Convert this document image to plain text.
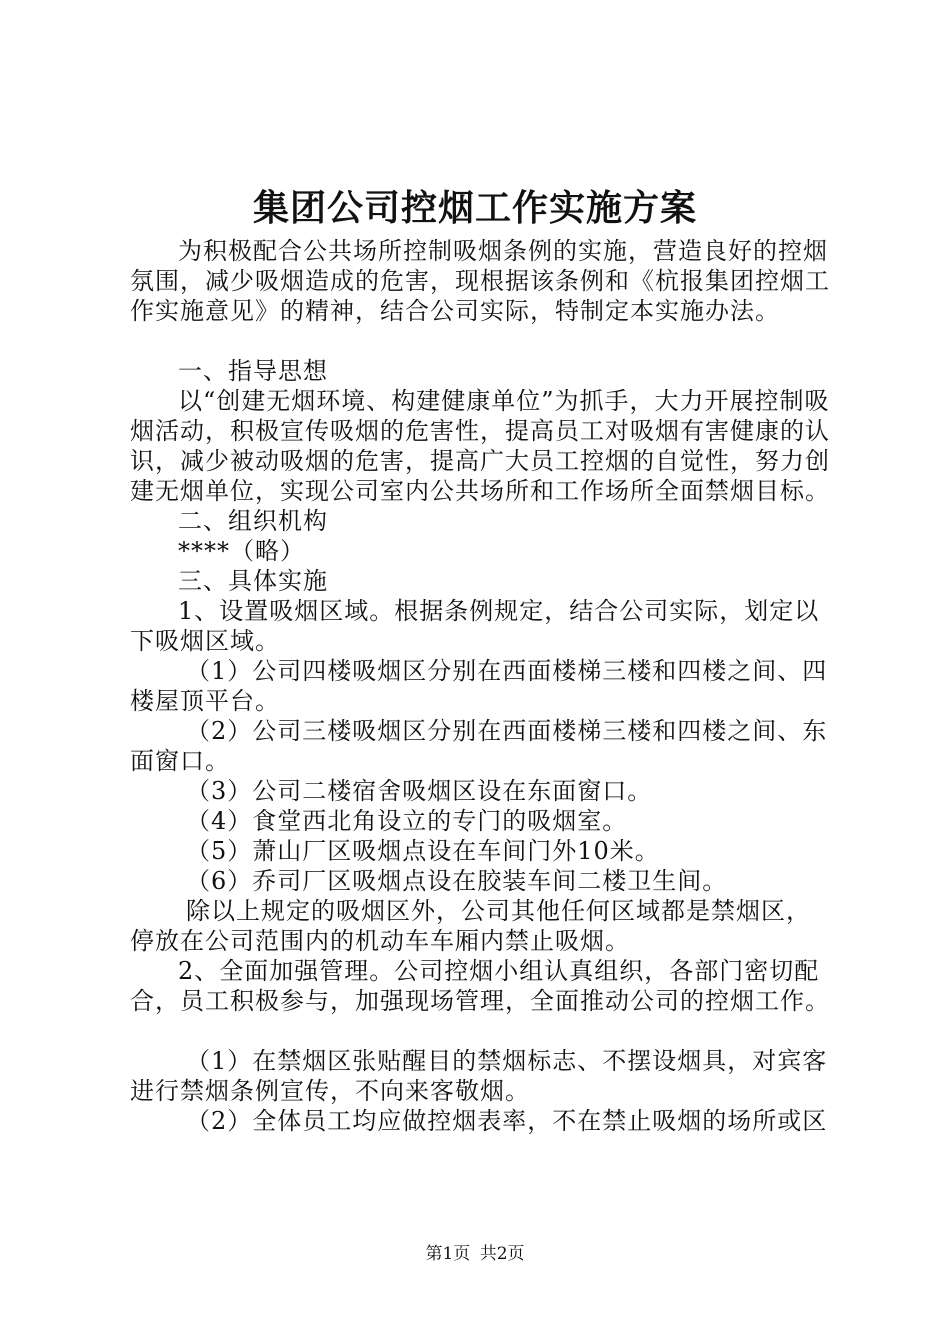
集团公司控烟工作实施方案

为积极配合公共场所控制吸烟条例的实施，营造良好的控烟氛围，减少吸烟造成的危害，现根据该条例和《杭报集团控烟工作实施意见》的精神，结合公司实际，特制定本实施办法。

一、指导思想

以“创建无烟环境、构建健康单位”为抓手，大力开展控制吸烟活动，积极宣传吸烟的危害性，提高员工对吸烟有害健康的认识，减少被动吸烟的危害，提高广大员工控烟的自觉性，努力创建无烟单位，实现公司室内公共场所和工作场所全面禁烟目标。

二、组织机构

****（略）

三、具体实施

1、设置吸烟区域。根据条例规定，结合公司实际，划定以下吸烟区域。

（1）公司四楼吸烟区分别在西面楼梯三楼和四楼之间、四楼屋顶平台。

（2）公司三楼吸烟区分别在西面楼梯三楼和四楼之间、东面窗口。

（3）公司二楼宿舍吸烟区设在东面窗口。

（4）食堂西北角设立的专门的吸烟室。

（5）萧山厂区吸烟点设在车间门外10米。

（6）乔司厂区吸烟点设在胶装车间二楼卫生间。

除以上规定的吸烟区外，公司其他任何区域都是禁烟区，停放在公司范围内的机动车车厢内禁止吸烟。

2、全面加强管理。公司控烟小组认真组织，各部门密切配合，员工积极参与，加强现场管理，全面推动公司的控烟工作。

（1）在禁烟区张贴醒目的禁烟标志、不摆设烟具，对宾客进行禁烟条例宣传，不向来客敬烟。

（2）全体员工均应做控烟表率，不在禁止吸烟的场所或区

第1页 共2页
